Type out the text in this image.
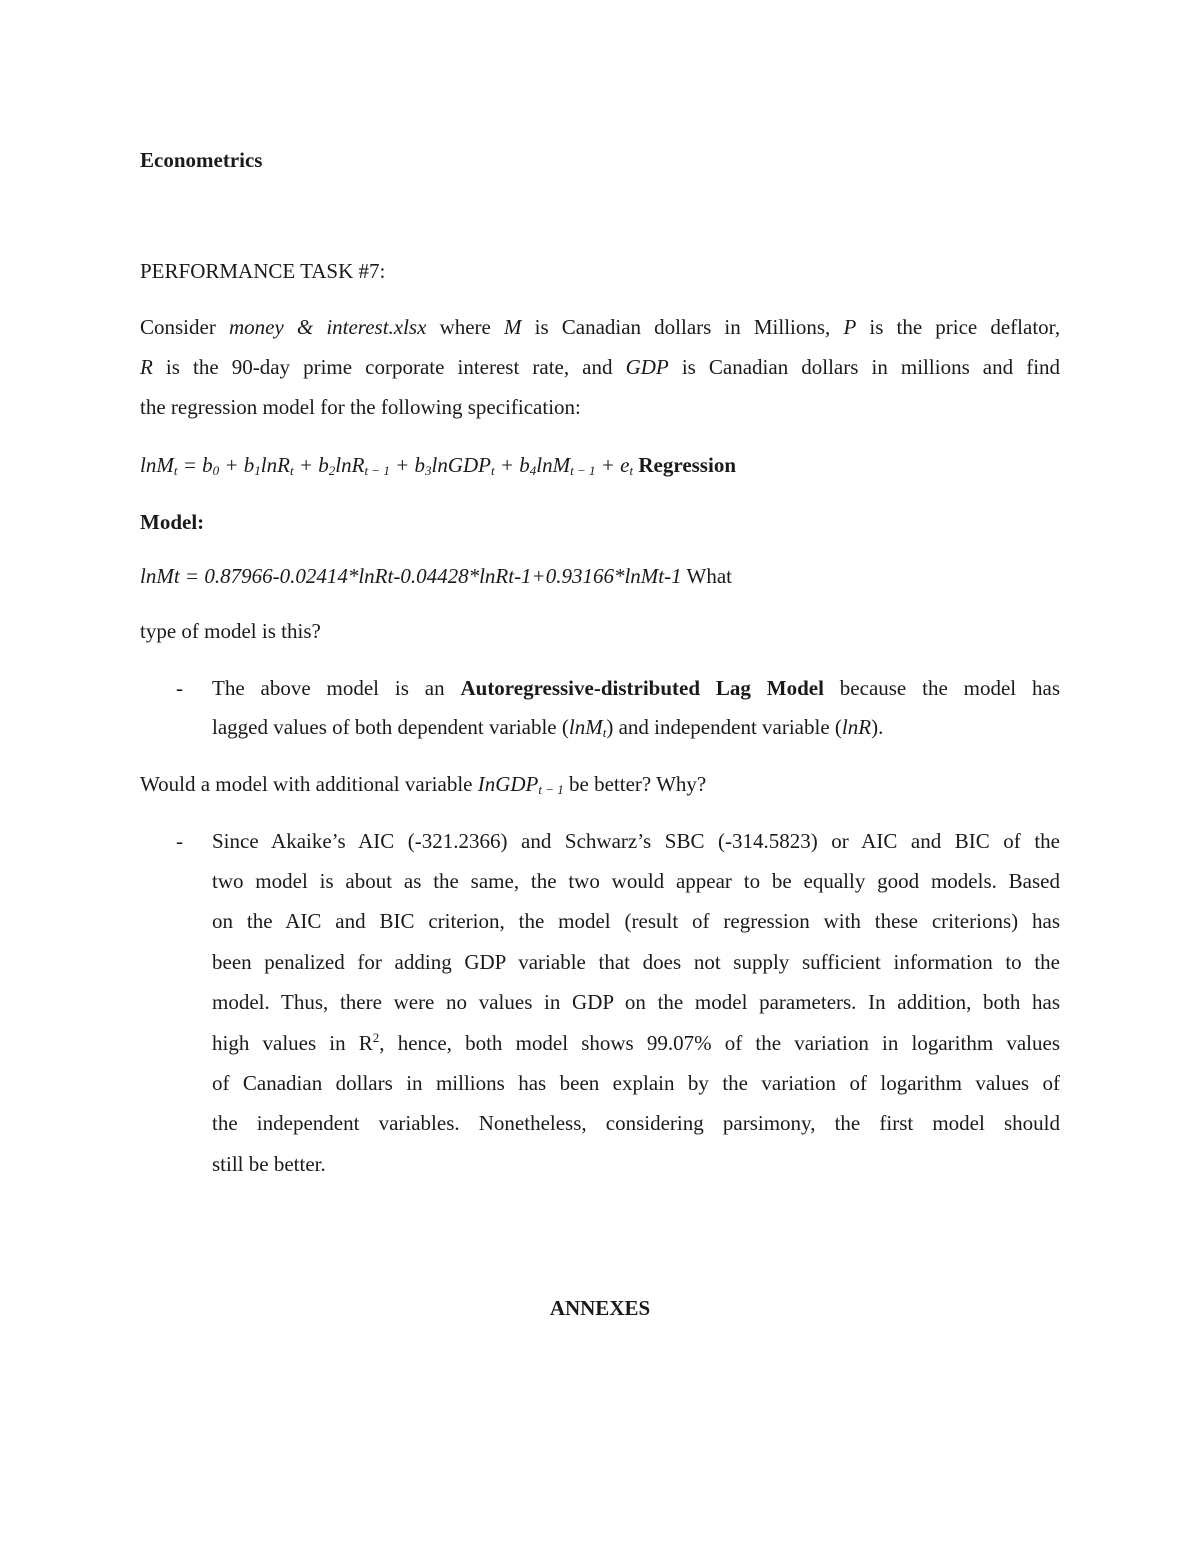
Econometrics
PERFORMANCE TASK #7:
Consider money & interest.xlsx where M is Canadian dollars in Millions, P is the price deflator,
R is the 90-day prime corporate interest rate, and GDP is Canadian dollars in millions and find
the regression model for the following specification:
$\ln M_t = b_0 + b_1\ln R_t + b_2\ln R_{t - 1}$ + $b_3lnGDP_t + b_4\ln M_{t - 1} + e_t$ Regression
Model:
lnMt = 0.87966-0.02414*lnRt-0.04428*lnRt-1+0.93166*lnMt-1 What
type of model is this?
- The above model is an Autoregressive-distributed Lag Model because the model has
lagged values of both dependent variable (lnM$_t$) and independent variable (lnR).
Would a model with additional variable InGDP$_{t - 1}$ be better? Why?
- Since Akaike’s AIC (-321.2366) and Schwarz’s SBC (-314.5823) or AIC and BIC of the
two model is about as the same, the two would appear to be equally good models. Based
on the AIC and BIC criterion, the model (result of regression with these criterions) has
been penalized for adding GDP variable that does not supply sufficient information to the
model. Thus, there were no values in GDP on the model parameters. In addition, both has
high values in $R^2$, hence, both model shows 99.07% of the variation in logarithm values
of Canadian dollars in millions has been explain by the variation of logarithm values of
the independent variables. Nonetheless, considering parsimony, the first model should
still be better.
ANNEXES
